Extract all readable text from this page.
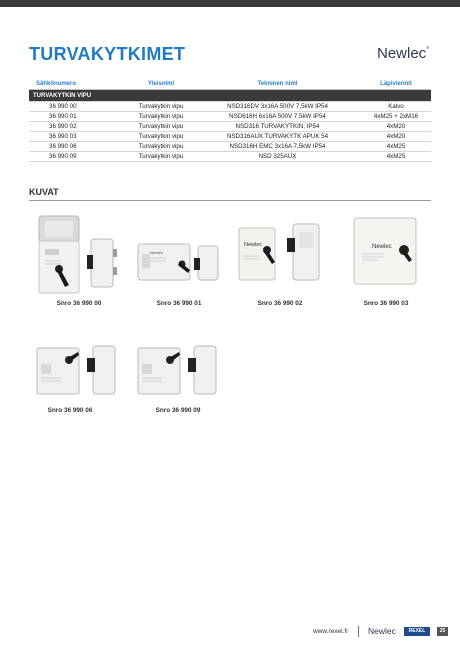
TURVAKYTKIMET	Newlec®
Sähkönumero	Yleisnimi	Tekninen nimi	Läpiviennit
TURVAKYTKIN VIPU			
36 990 00	Turvakytkin vipu	NSD316DV 3x16A 500V 7,5kW IP54	Kalvo
36 990 01	Turvakytkin vipu	NSD616H 6x16A 500V 7,5kW IP54	4xM25 + 2xM16
36 990 02	Turvakytkin vipu	NSD316 TURVAKYTKIN, IP54	4xM20
36 990 03	Turvakytkin vipu	NSD316AUX TURVAKYTK APUK 54	4xM20
36 990 06	Turvakytkin vipu	NSD316H EMC 3x16A 7,5kW IP54	4xM25
36 990 09	Turvakytkin vipu	NSD 325AUX	4xM25
KUVAT
Snro 36 990 00
Newlec
Snro 36 990 01
Newlec
Snro 36 990 02
Newlec
Snro 36 990 03
Snro 36 990 06	Snro 36 990 09
www.rexel.fi Newlec	REXEL	25
